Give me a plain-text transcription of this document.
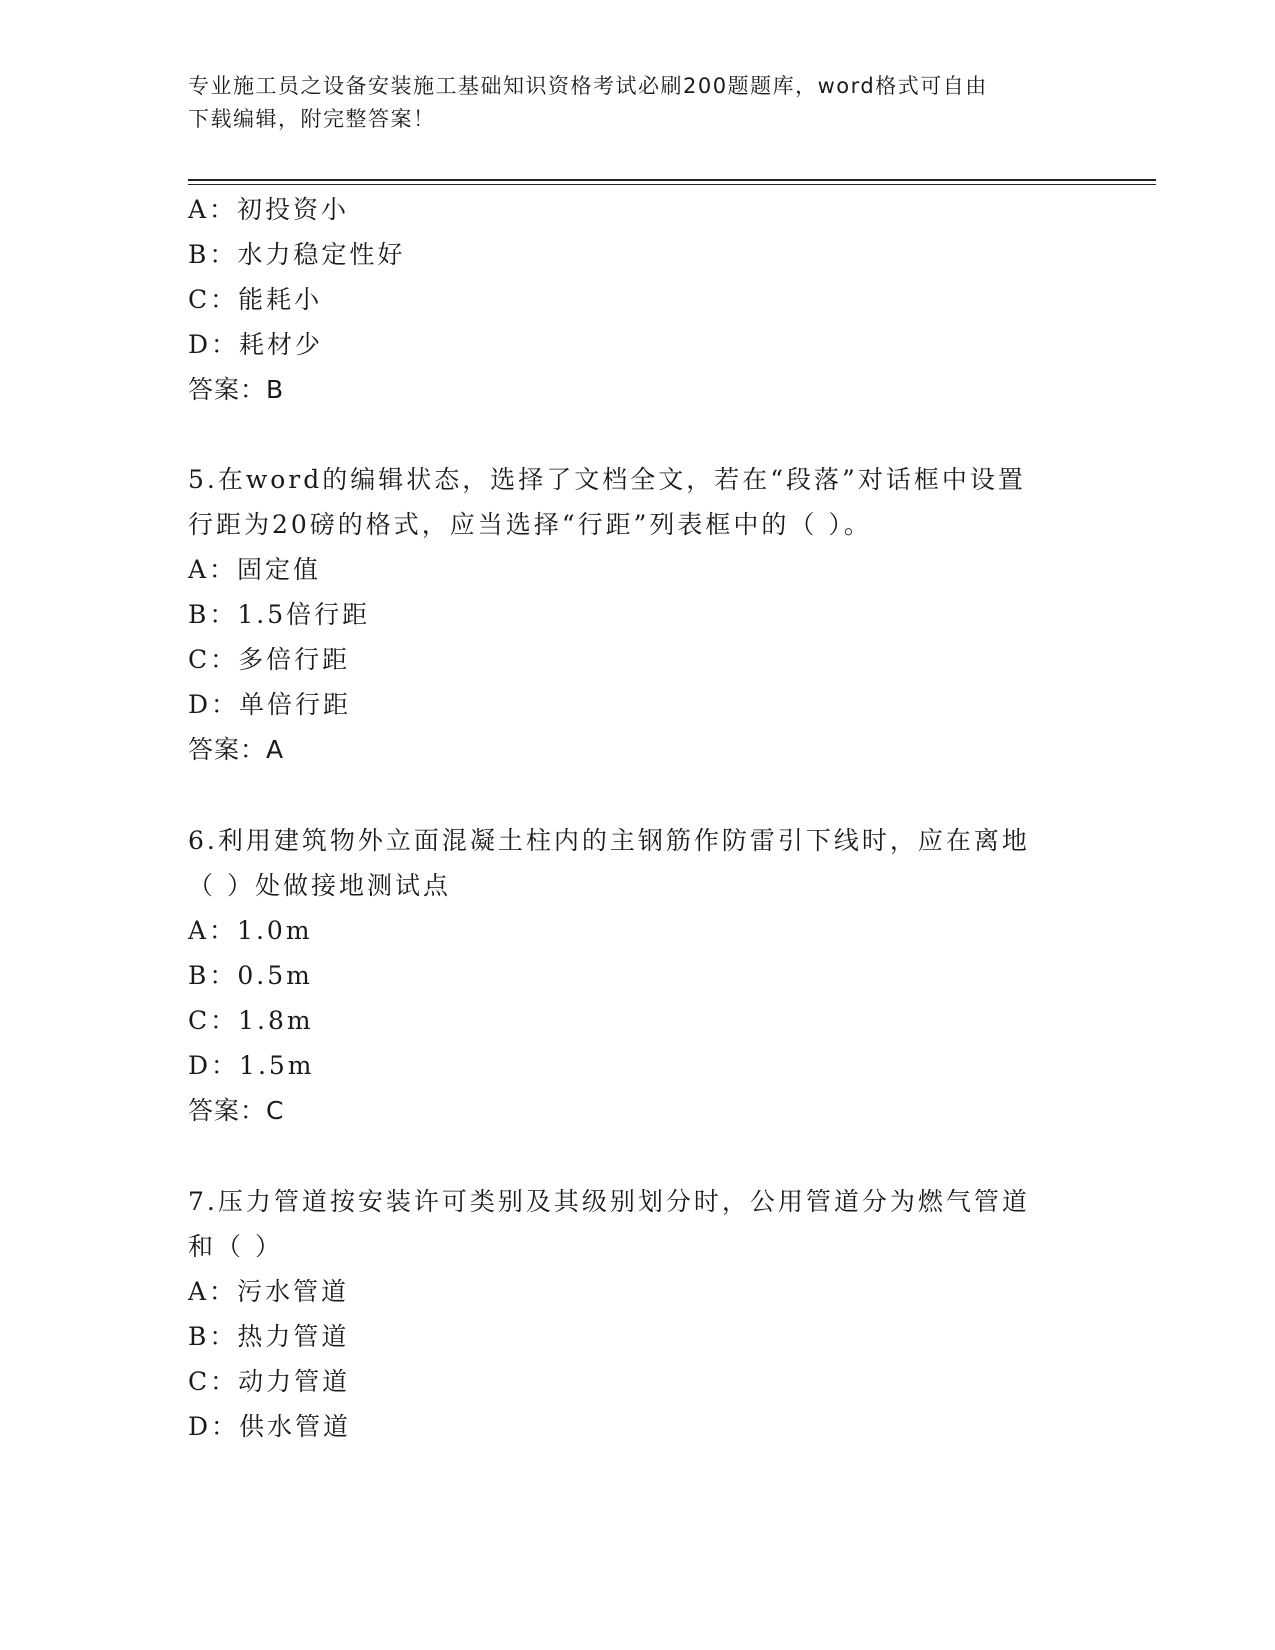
专业施工员之设备安装施工基础知识资格考试必刷200题题库，word格式可自由
下载编辑，附完整答案！
A：初投资小
B：水力稳定性好
C：能耗小
D：耗材少
答案：B
5.在word的编辑状态，选择了文档全文，若在“段落”对话框中设置
行距为20磅的格式，应当选择“行距”列表框中的（ ）。
A：固定值
B：1.5倍行距
C：多倍行距
D：单倍行距
答案：A
6.利用建筑物外立面混凝土柱内的主钢筋作防雷引下线时，应在离地
（ ）处做接地测试点
A：1.0m
B：0.5m
C：1.8m
D：1.5m
答案：C
7.压力管道按安装许可类别及其级别划分时，公用管道分为燃气管道
和（ ）
A：污水管道
B：热力管道
C：动力管道
D：供水管道
